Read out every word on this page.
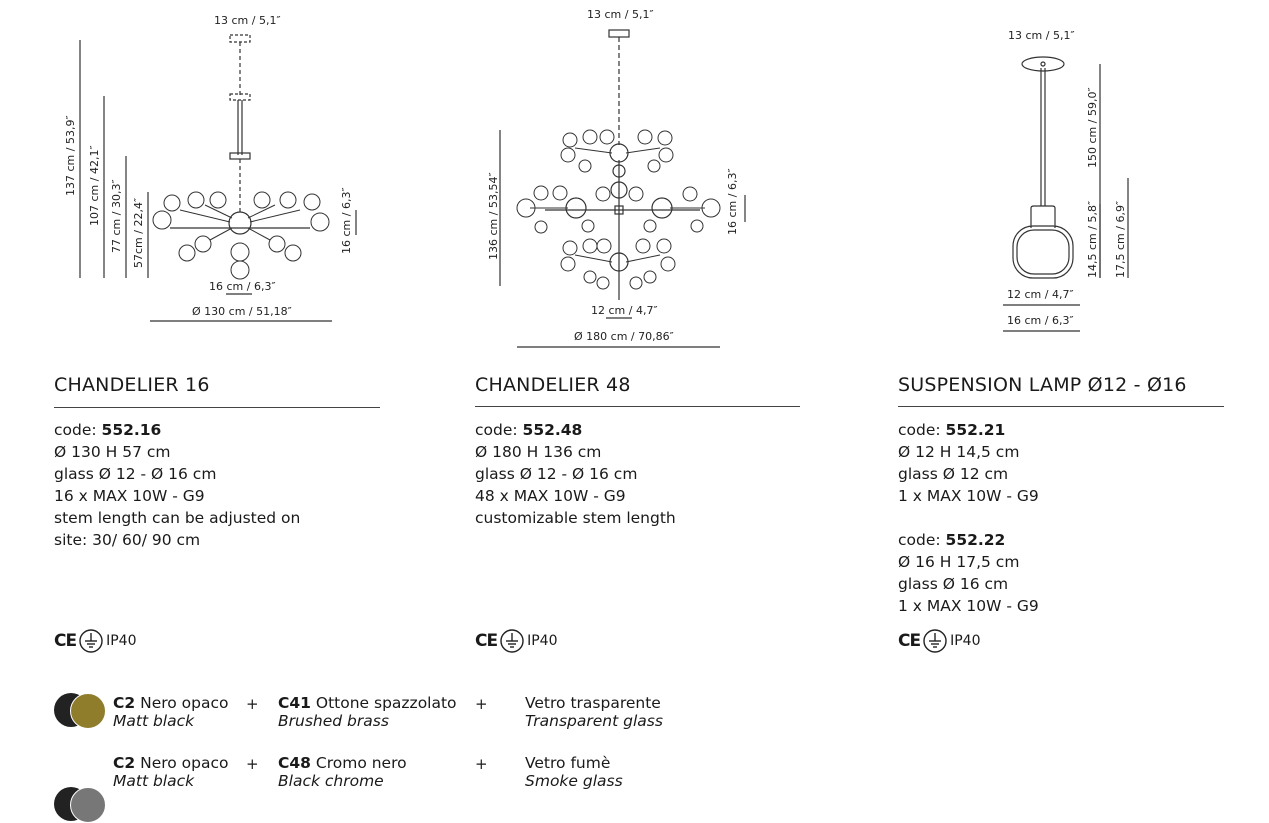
13 cm / 5,1″
137 cm / 53,9″ 107 cm / 42,1″ 77 cm / 30,3″ 57cm / 22,4″	16 cm / 6,3″
16 cm / 6,3″
Ø 130 cm / 51,18″
13 cm / 5,1″
136 cm / 53,54″	16 cm / 6,3″
12 cm / 4,7″
Ø 180 cm / 70,86″
13 cm / 5,1″
150 cm / 59,0″
14,5 cm / 5,8″ 17,5 cm / 6,9″
12 cm / 4,7″
16 cm / 6,3″
CHANDELIER 16
code: 552.16
Ø 130 H 57 cm
glass Ø 12 - Ø 16 cm
16 x MAX 10W - G9
stem length can be adjusted on
site: 30/ 60/ 90 cm
CE IP40
CHANDELIER 48
code: 552.48
Ø 180 H 136 cm
glass Ø 12 - Ø 16 cm
48 x MAX 10W - G9
customizable stem length
CE IP40
SUSPENSION LAMP Ø12 - Ø16
code: 552.21
Ø 12 H 14,5 cm
glass Ø 12 cm
1 x MAX 10W - G9
code: 552.22
Ø 16 H 17,5 cm
glass Ø 16 cm
1 x MAX 10W - G9
CE IP40
C2 Nero opaco
Matt black
+ C41 Ottone spazzolato
Brushed brass
+ Vetro trasparente
Transparent glass
C2 Nero opaco
Matt black
+ C48 Cromo nero
Black chrome
+ Vetro fumè
Smoke glass
